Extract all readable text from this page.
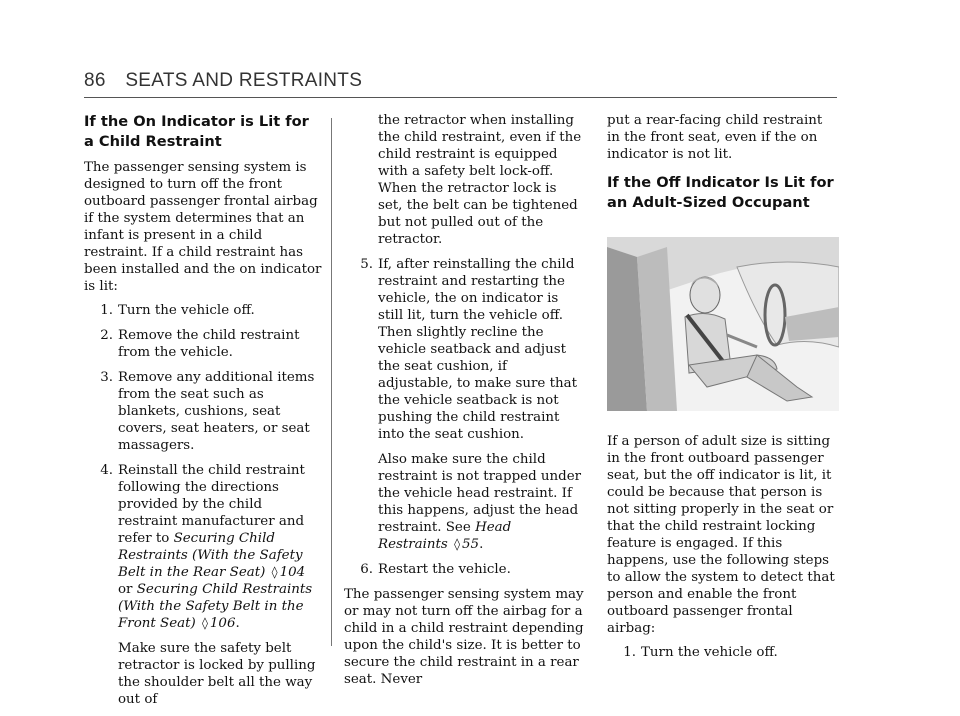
86 SEATS AND RESTRAINTS
If the On Indicator is Lit for a Child Restraint

The passenger sensing system is designed to turn off the front outboard passenger frontal airbag if the system determines that an infant is present in a child restraint. If a child restraint has been installed and the on indicator is lit:

1. Turn the vehicle off.
2. Remove the child restraint from the vehicle.
3. Remove any additional items from the seat such as blankets, cushions, seat covers, seat heaters, or seat massagers.
4. Reinstall the child restraint following the directions provided by the child restraint manufacturer and refer to Securing Child Restraints (With the Safety Belt in the Rear Seat) ◊ 104 or Securing Child Restraints (With the Safety Belt in the Front Seat) ◊ 106.

Make sure the safety belt retractor is locked by pulling the shoulder belt all the way out of

the retractor when installing the child restraint, even if the child restraint is equipped with a safety belt lock-off. When the retractor lock is set, the belt can be tightened but not pulled out of the retractor.

5. If, after reinstalling the child restraint and restarting the vehicle, the on indicator is still lit, turn the vehicle off. Then slightly recline the vehicle seatback and adjust the seat cushion, if adjustable, to make sure that the vehicle seatback is not pushing the child restraint into the seat cushion.

Also make sure the child restraint is not trapped under the vehicle head restraint. If this happens, adjust the head restraint. See Head Restraints ◊ 55.

6. Restart the vehicle.

The passenger sensing system may or may not turn off the airbag for a child in a child restraint depending upon the child's size. It is better to secure the child restraint in a rear seat. Never

put a rear-facing child restraint in the front seat, even if the on indicator is not lit.

If the Off Indicator Is Lit for an Adult-Sized Occupant

If a person of adult size is sitting in the front outboard passenger seat, but the off indicator is lit, it could be because that person is not sitting properly in the seat or that the child restraint locking feature is engaged. If this happens, use the following steps to allow the system to detect that person and enable the front outboard passenger frontal airbag:

1. Turn the vehicle off.
